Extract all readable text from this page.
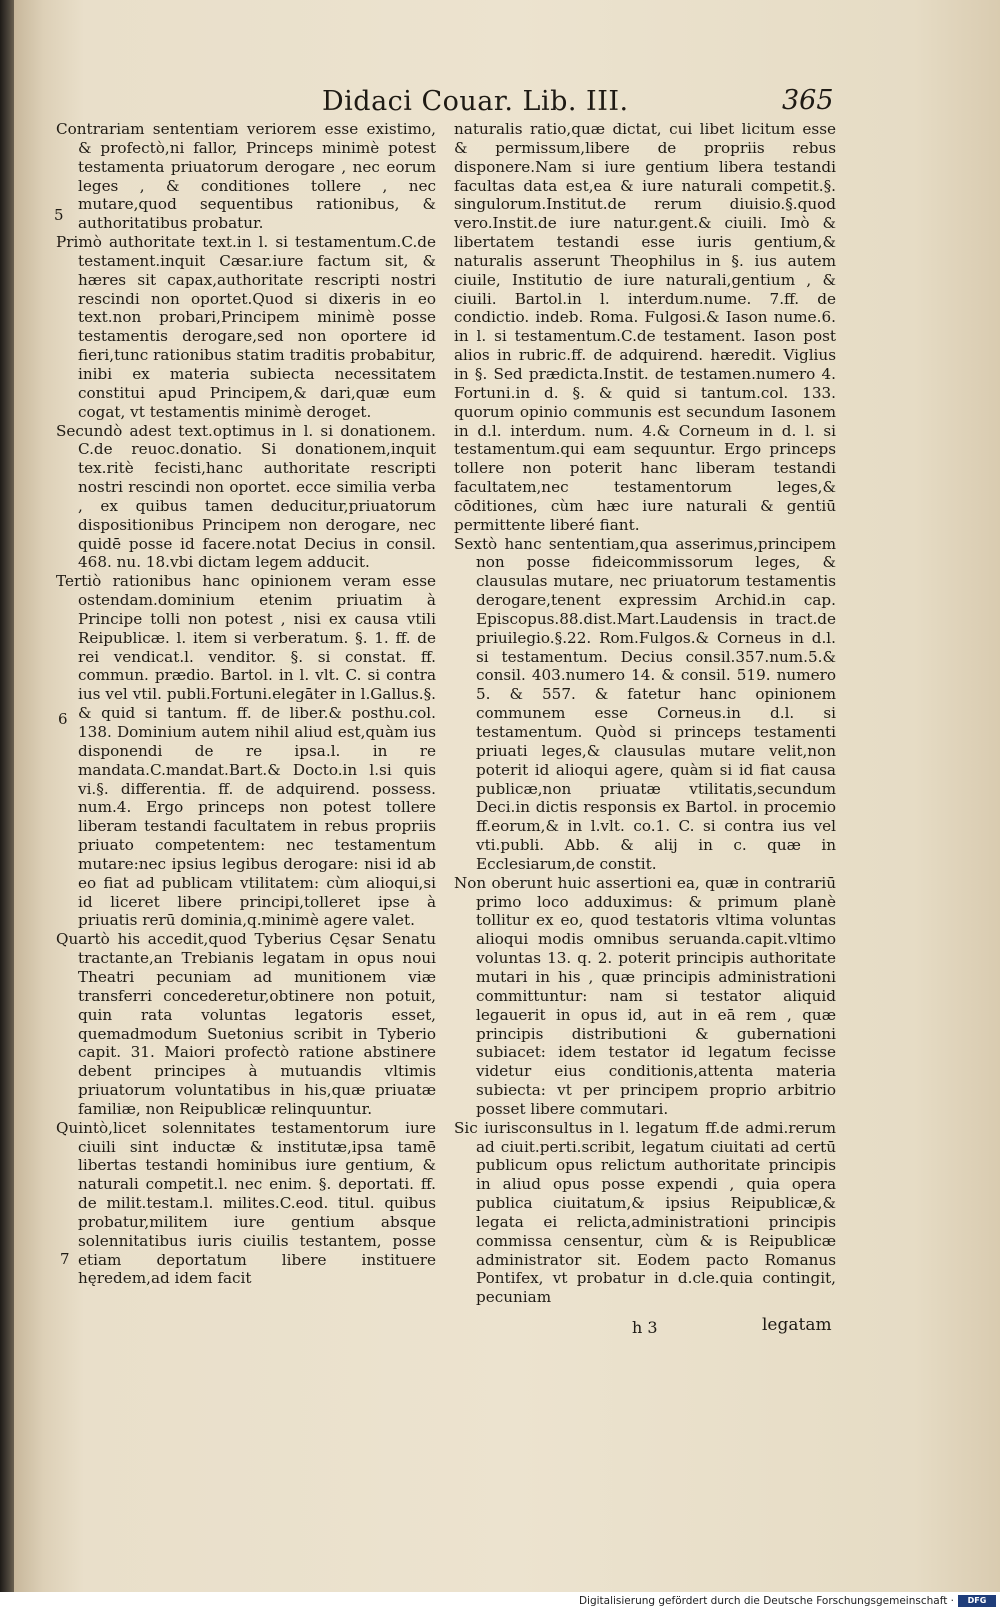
Didaci Couar. Lib. III.	365

Contrariam sententiam veriorem esse existimo, & profectò,ni fallor, Princeps minimè potest testamenta priuatorum derogare , nec eorum leges , & conditiones tollere , nec mutare,quod sequentibus rationibus, & authoritatibus probatur.

Primò authoritate text.in l. si testamentum.C.de testament.inquit Cæsar.iure factum sit, & hæres sit capax,authoritate rescripti nostri rescindi non oportet.Quod si dixeris in eo text.non probari,Principem minimè posse testamentis derogare,sed non oportere id fieri,tunc rationibus statim traditis probabitur, inibi ex materia subiecta necessitatem constitui apud Principem,& dari,quæ eum cogat, vt testamentis minimè deroget.

Secundò adest text.optimus in l. si donationem. C.de reuoc.donatio. Si donationem,inquit tex.ritè fecisti,hanc authoritate rescripti nostri rescindi non oportet. ecce similia verba , ex quibus tamen deducitur,priuatorum dispositionibus Principem non derogare, nec quidē posse id facere.notat Decius in consil. 468. nu. 18.vbi dictam legem adducit.

Tertiò rationibus hanc opinionem veram esse ostendam.dominium etenim priuatim à Principe tolli non potest , nisi ex causa vtili Reipublicæ. l. item si verberatum. §. 1. ff. de rei vendicat.l. venditor. §. si constat. ff. commun. prædio. Bartol. in l. vlt. C. si contra ius vel vtil. publi.Fortuni.elegāter in l.Gallus.§. & quid si tantum. ff. de liber.& posthu.col. 138. Dominium autem nihil aliud est,quàm ius disponendi de re ipsa.l. in re mandata.C.mandat.Bart.& Docto.in l.si quis vi.§. differentia. ff. de adquirend. possess. num.4. Ergo princeps non potest tollere liberam testandi facultatem in rebus propriis priuato competentem: nec testamentum mutare:nec ipsius legibus derogare: nisi id ab eo fiat ad publicam vtilitatem: cùm alioqui,si id liceret libere principi,tolleret ipse à priuatis rerū dominia,q.minimè agere valet.

Quartò his accedit,quod Tyberius Cęsar Senatu tractante,an Trebianis legatam in opus noui Theatri pecuniam ad munitionem viæ transferri concederetur,obtinere non potuit, quin rata voluntas legatoris esset, quemadmodum Suetonius scribit in Tyberio capit. 31. Maiori profectò ratione abstinere debent principes à mutuandis vltimis priuatorum voluntatibus in his,quæ priuatæ familiæ, non Reipublicæ relinquuntur.

Quintò,licet solennitates testamentorum iure ciuili sint inductæ & institutæ,ipsa tamē libertas testandi hominibus iure gentium, & naturali competit.l. nec enim. §. deportati. ff. de milit.testam.l. milites.C.eod. titul. quibus probatur,militem iure gentium absque solennitatibus iuris ciuilis testantem, posse etiam deportatum libere instituere hęredem,ad idem facit

5
6
7

naturalis ratio,quæ dictat, cui libet licitum esse & permissum,libere de propriis rebus disponere.Nam si iure gentium libera testandi facultas data est,ea & iure naturali competit.§. singulorum.Institut.de rerum diuisio.§.quod vero.Instit.de iure natur.gent.& ciuili. Imò & libertatem testandi esse iuris gentium,& naturalis asserunt Theophilus in §. ius autem ciuile, Institutio de iure naturali,gentium , & ciuili. Bartol.in l. interdum.nume. 7.ff. de condictio. indeb. Roma. Fulgosi.& Iason nume.6. in l. si testamentum.C.de testament. Iason post alios in rubric.ff. de adquirend. hæredit. Viglius in §. Sed prædicta.Instit. de testamen.numero 4. Fortuni.in d. §. & quid si tantum.col. 133. quorum opinio communis est secundum Iasonem in d.l. interdum. num. 4.& Corneum in d. l. si testamentum.qui eam sequuntur. Ergo princeps tollere non poterit hanc liberam testandi facultatem,nec testamentorum leges,& cōditiones, cùm hæc iure naturali & gentiū permittente liberé fiant.

Sextò hanc sententiam,qua asserimus,principem non posse fideicommissorum leges, & clausulas mutare, nec priuatorum testamentis derogare,tenent expressim Archid.in cap. Episcopus.88.dist.Mart.Laudensis in tract.de priuilegio.§.22. Rom.Fulgos.& Corneus in d.l. si testamentum. Decius consil.357.num.5.& consil. 403.numero 14. & consil. 519. numero 5. & 557. & fatetur hanc opinionem communem esse Corneus.in d.l. si testamentum. Quòd si princeps testamenti priuati leges,& clausulas mutare velit,non poterit id alioqui agere, quàm si id fiat causa publicæ,non priuatæ vtilitatis,secundum Deci.in dictis responsis ex Bartol. in procemio ff.eorum,& in l.vlt. co.1. C. si contra ius vel vti.publi. Abb. & alij in c. quæ in Ecclesiarum,de constit.

Non oberunt huic assertioni ea, quæ in contrariū primo loco adduximus: & primum planè tollitur ex eo, quod testatoris vltima voluntas alioqui modis omnibus seruanda.capit.vltimo voluntas 13. q. 2. poterit principis authoritate mutari in his , quæ principis administrationi committuntur: nam si testator aliquid legauerit in opus id, aut in eā rem , quæ principis distributioni & gubernationi subiacet: idem testator id legatum fecisse videtur eius conditionis,attenta materia subiecta: vt per principem proprio arbitrio posset libere commutari.

Sic iurisconsultus in l. legatum ff.de admi.rerum ad ciuit.perti.scribit, legatum ciuitati ad certū publicum opus relictum authoritate principis in aliud opus posse expendi , quia opera publica ciuitatum,& ipsius Reipublicæ,& legata ei relicta,administrationi principis commissa censentur, cùm & is Reipublicæ administrator sit. Eodem pacto Romanus Pontifex, vt probatur in d.cle.quia contingit, pecuniam

h 3	legatam
Digitalisierung gefördert durch die Deutsche Forschungsgemeinschaft ·	DFG
